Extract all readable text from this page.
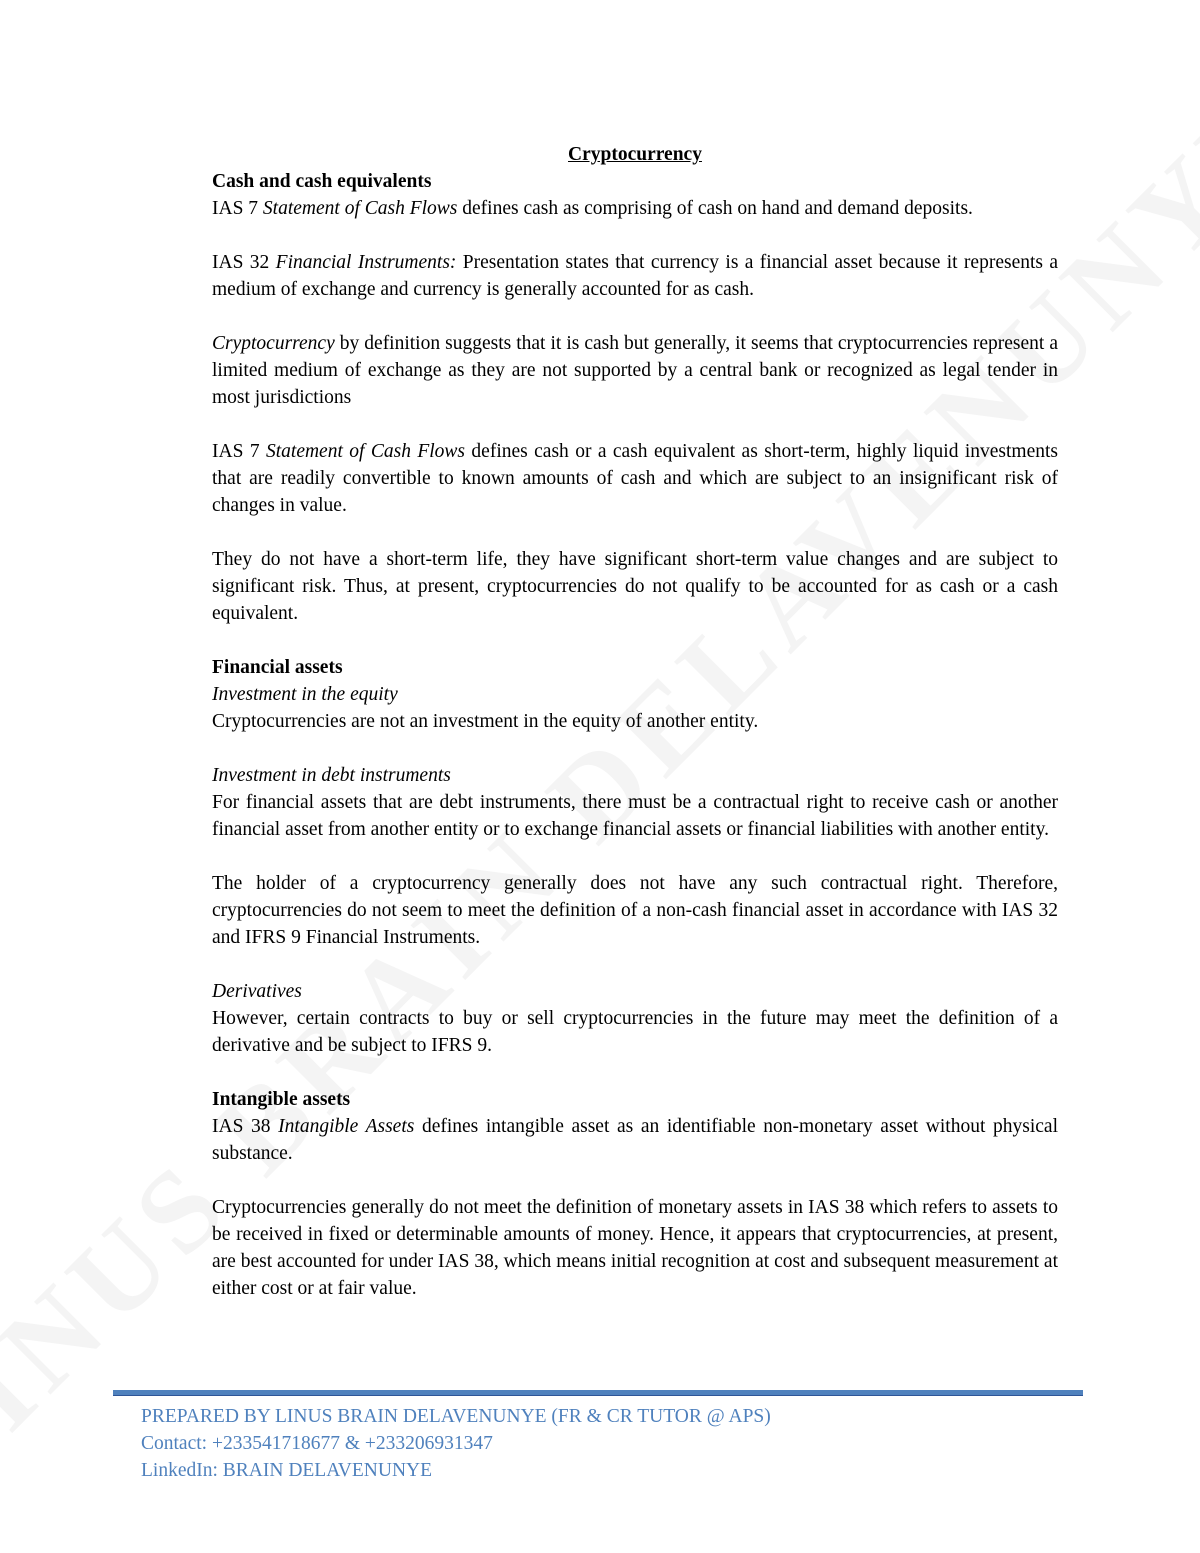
Cryptocurrency
Cash and cash equivalents

IAS 7 Statement of Cash Flows defines cash as comprising of cash on hand and demand deposits.

IAS 32 Financial Instruments: Presentation states that currency is a financial asset because it represents a medium of exchange and currency is generally accounted for as cash.

Cryptocurrency by definition suggests that it is cash but generally, it seems that cryptocurrencies represent a limited medium of exchange as they are not supported by a central bank or recognized as legal tender in most jurisdictions

IAS 7 Statement of Cash Flows defines cash or a cash equivalent as short-term, highly liquid investments that are readily convertible to known amounts of cash and which are subject to an insignificant risk of changes in value.

They do not have a short-term life, they have significant short-term value changes and are subject to significant risk. Thus, at present, cryptocurrencies do not qualify to be accounted for as cash or a cash equivalent.

Financial assets
Investment in the equity

Cryptocurrencies are not an investment in the equity of another entity.

Investment in debt instruments

For financial assets that are debt instruments, there must be a contractual right to receive cash or another financial asset from another entity or to exchange financial assets or financial liabilities with another entity.

The holder of a cryptocurrency generally does not have any such contractual right. Therefore, cryptocurrencies do not seem to meet the definition of a non-cash financial asset in accordance with IAS 32 and IFRS 9 Financial Instruments.

Derivatives

However, certain contracts to buy or sell cryptocurrencies in the future may meet the definition of a derivative and be subject to IFRS 9.

Intangible assets

IAS 38 Intangible Assets defines intangible asset as an identifiable non-monetary asset without physical substance.

Cryptocurrencies generally do not meet the definition of monetary assets in IAS 38 which refers to assets to be received in fixed or determinable amounts of money. Hence, it appears that cryptocurrencies, at present, are best accounted for under IAS 38, which means initial recognition at cost and subsequent measurement at either cost or at fair value.

PREPARED BY LINUS BRAIN DELAVENUNYE (FR & CR TUTOR @ APS)
Contact: +233541718677 & +233206931347
LinkedIn: BRAIN DELAVENUNYE
